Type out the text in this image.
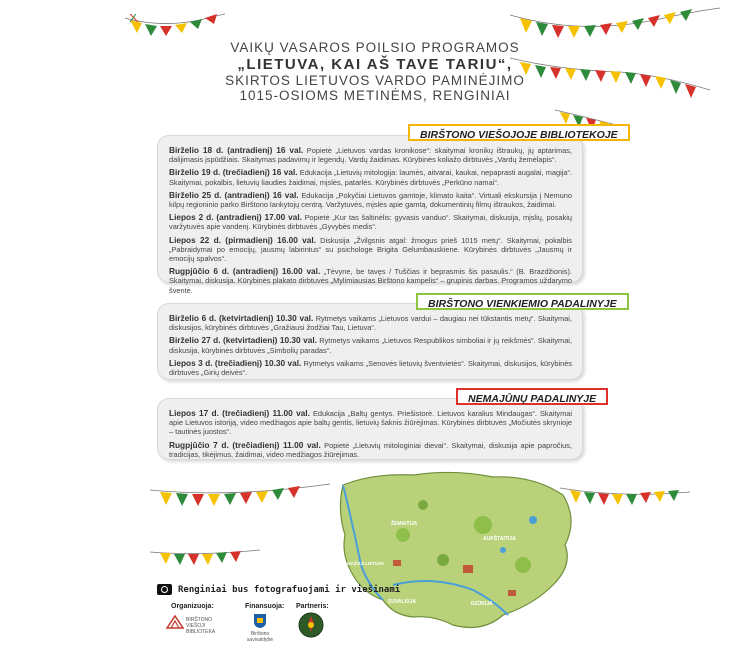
VAIKŲ VASAROS POILSIO PROGRAMOS
„LIETUVA, KAI AŠ TAVE TARIU“,
SKIRTOS LIETUVOS VARDO PAMINĖJIMO
1015-OSIOMS METINĖMS, RENGINIAI
Birželio 18 d. (antradienį) 16 val. Popietė „Lietuvos vardas kronikose“: skaitymai kronikų ištraukų, jų aptarimas, dalijimasis įspūdžiais. Skaitymas padavimų ir legendų. Vardų žaidimas. Kūrybinės koliažo dirbtuvės „Vardų žemėlapis“.
Birželio 19 d. (trečiadienį) 16 val. Edukacija „Lietuvių mitologija: laumės, aitvarai, kaukai, nepaprasti augalai, magija“. Skaitymai, pokalbis, lietuvių liaudies žaidimai, mįslės, patarlės. Kūrybinės dirbtuvės „Perkūno namai“.
Birželio 25 d. (antradienį) 16 val. Edukacija „Pokyčiai Lietuvos gamtoje, klimato kaita“. Virtuali ekskursija į Nemuno kilpų regioninio parko Birštono lankytojų centrą. Varžytuvės, mįslės apie gamtą, dokumentinių filmų ištraukos, žaidimai.
Liepos 2 d. (antradienį) 17.00 val. Popietė „Kur tas šaltinėlis: gyvasis vanduo“. Skaitymai, diskusija, mįslių, posakių varžytuvės apie vandenį. Kūrybinės dirbtuvės „Gyvybės medis“.
Liepos 22 d. (pirmadienį) 16.00 val. Diskusija „Žvilgsnis atgal: žmogus prieš 1015 metų“. Skaitymai, pokalbis „Pabraidymai po emocijų, jausmų labirintus“ su psichologe Brigita Gelumbauskiene. Kūrybinės dirbtuvės „Jausmų ir emocijų spalvos“.
Rugpjūčio 6 d. (antradienį) 16.00 val. „Tėvyne, be tavęs / Tuščias ir beprasmis šis pasaulis.“ (B. Brazdžionis). Skaitymai, diskusija. Kūrybinės plakato dirbtuvės „Mylimiausias Birštono kampelis“ – grupinis darbas. Programos uždarymo šventė.
BIRŠTONO VIEŠOJOJE BIBLIOTEKOJE
Birželio 6 d. (ketvirtadienį) 10.30 val. Rytmetys vaikams „Lietuvos vardui – daugiau nei tūkstantis metų“. Skaitymai, diskusijos, kūrybinės dirbtuvės „Gražiausi žodžiai Tau, Lietuva“.
Birželio 27 d. (ketvirtadienį) 10.30 val. Rytmetys vaikams „Lietuvos Respublikos simboliai ir jų reikšmės“. Skaitymai, diskusija, kūrybinės dirbtuvės „Simbolių paradas“.
Liepos 3 d. (trečiadienį) 10.30 val. Rytmetys vaikams „Senovės lietuvių šventvietės“. Skaitymai, diskusijos, kūrybinės dirbtuvės „Girių deivės“.
BIRŠTONO VIENKIEMIO PADALINYJE
Liepos 17 d. (trečiadienį) 11.00 val. Edukacija „Baltų gentys. Priešistorė. Lietuvos karalius Mindaugas“. Skaitymai apie Lietuvos istoriją, video medžiagos apie baltų gentis, lietuvių šaknis žiūrėjimas. Kūrybinės dirbtuvės „Močiutės skrynioje – tautinės juostos“.
Rugpjūčio 7 d. (trečiadienį) 11.00 val. Popietė „Lietuvių mitologiniai dievai“. Skaitymai, diskusija apie papročius, tradicijas, tikėjimus, žaidimai, video medžiagos žiūrėjimas.
NEMAJŪNŲ PADALINYJE
ŽEMAITIJA
AUKŠTAITIJA
MAŽOJI LIETUVA
SUVALKIJA	DZŪKIJA
Renginiai bus fotografuojami ir viešinami
Organizuoja:
BIRŠTONO VIEŠOJI BIBLIOTEKA
Finansuoja:
Birštono savivaldybė
Partneris:
